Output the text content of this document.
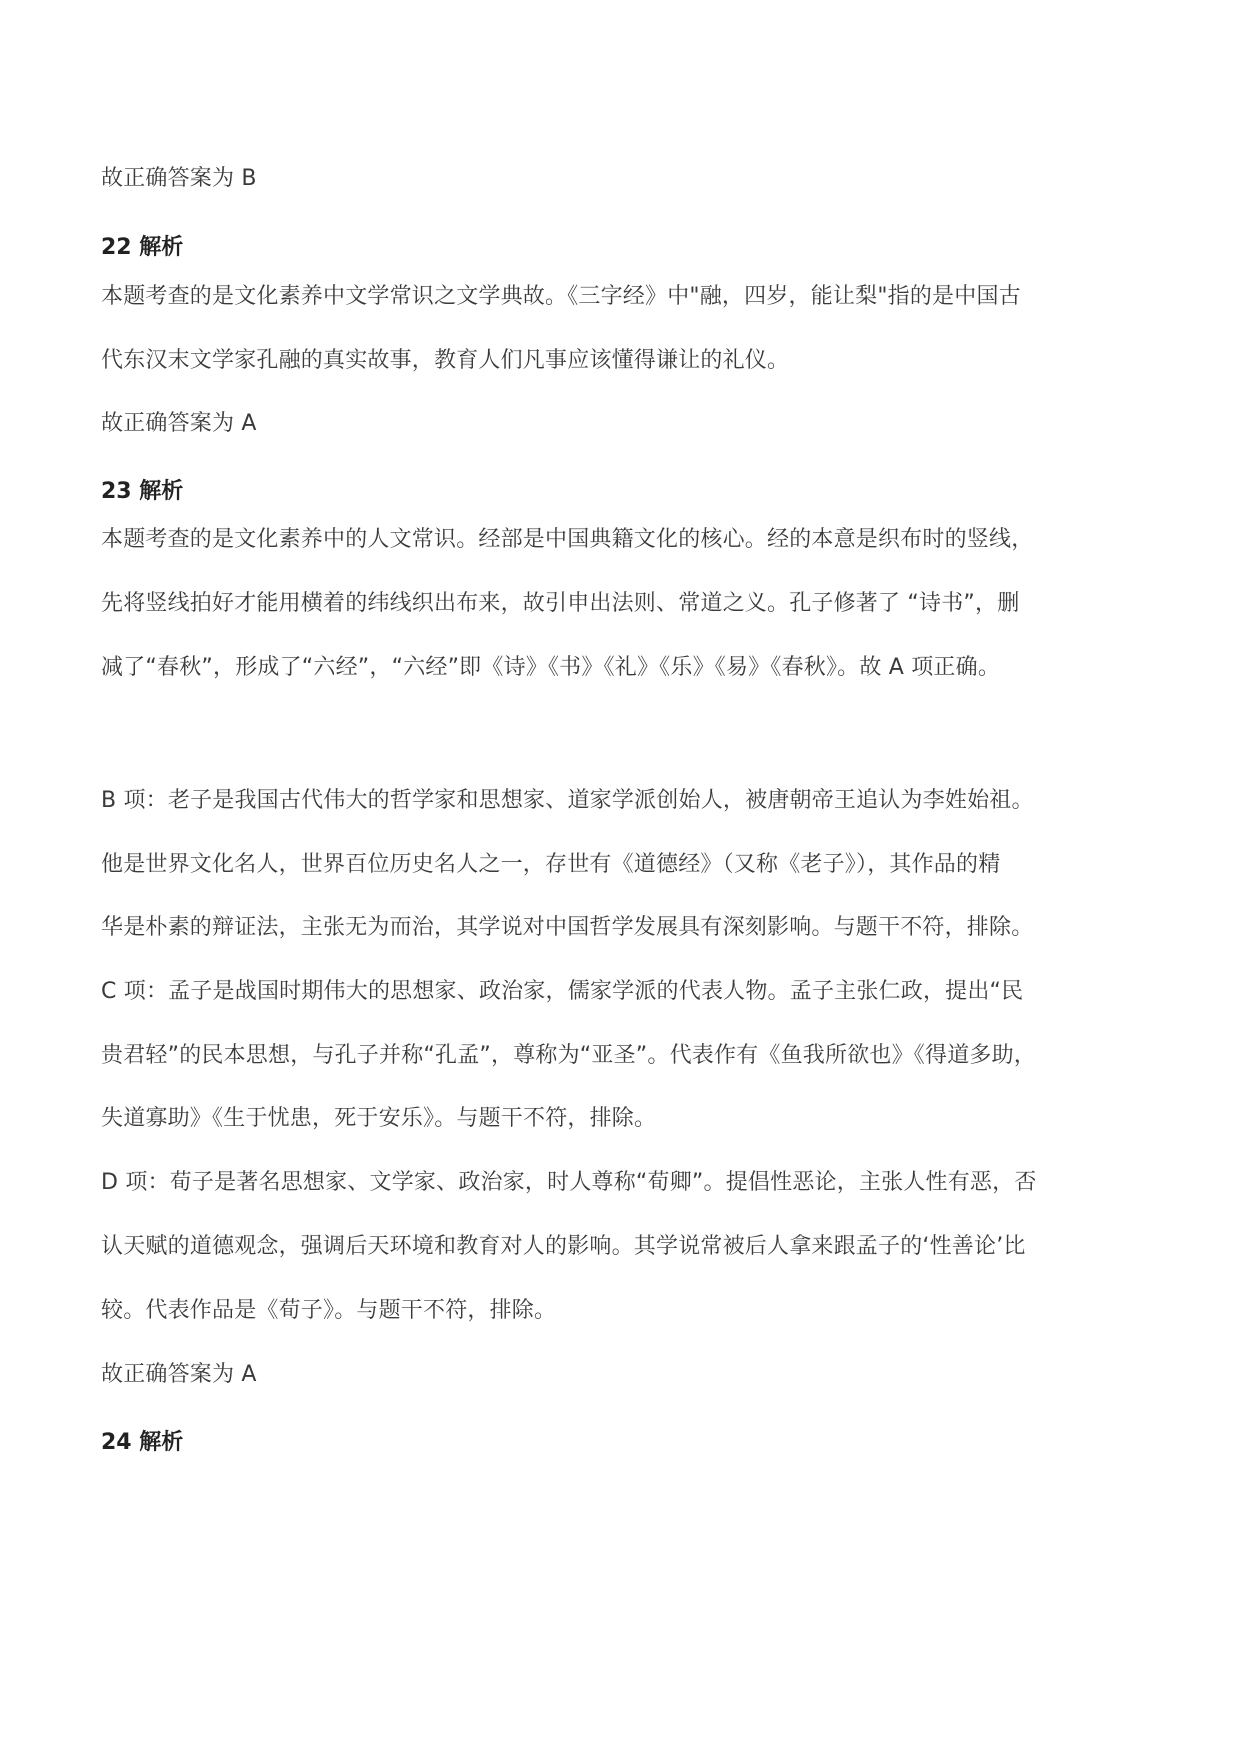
故正确答案为 B
22 解析
本题考查的是文化素养中文学常识之文学典故。《三字经》中"融，四岁，能让梨"指的是中国古
代东汉末文学家孔融的真实故事，教育人们凡事应该懂得谦让的礼仪。
故正确答案为 A
23 解析
本题考查的是文化素养中的人文常识。经部是中国典籍文化的核心。经的本意是织布时的竖线，
先将竖线拍好才能用横着的纬线织出布来，故引申出法则、常道之义。孔子修著了 “诗书”，删
减了“春秋”，形成了“六经”，“六经”即《诗》《书》《礼》《乐》《易》《春秋》。故 A 项正确。
B 项：老子是我国古代伟大的哲学家和思想家、道家学派创始人，被唐朝帝王追认为李姓始祖。
他是世界文化名人，世界百位历史名人之一，存世有《道德经》（又称《老子》），其作品的精
华是朴素的辩证法，主张无为而治，其学说对中国哲学发展具有深刻影响。与题干不符，排除。
C 项：孟子是战国时期伟大的思想家、政治家，儒家学派的代表人物。孟子主张仁政，提出“民
贵君轻”的民本思想，与孔子并称“孔孟”，尊称为“亚圣”。代表作有《鱼我所欲也》《得道多助，
失道寡助》《生于忧患，死于安乐》。与题干不符，排除。
D 项：荀子是著名思想家、文学家、政治家，时人尊称“荀卿”。提倡性恶论，主张人性有恶，否
认天赋的道德观念，强调后天环境和教育对人的影响。其学说常被后人拿来跟孟子的‘性善论’比
较。代表作品是《荀子》。与题干不符，排除。
故正确答案为 A
24 解析
